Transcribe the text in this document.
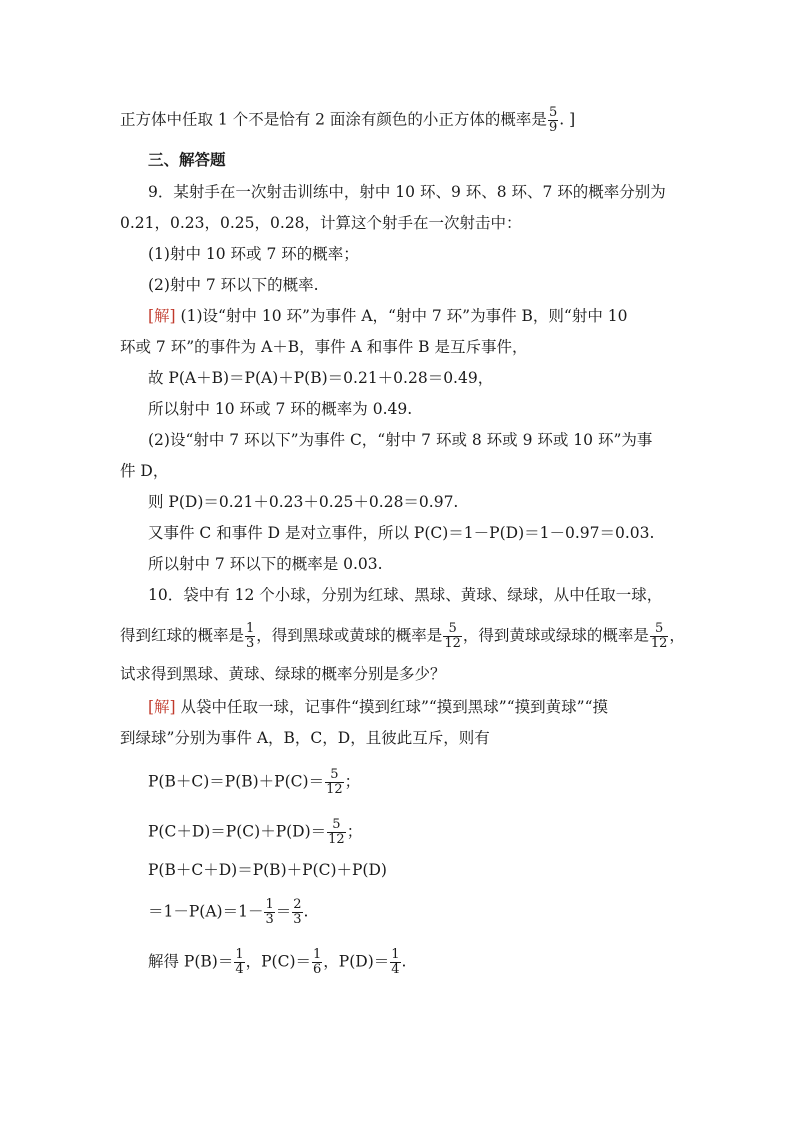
正方体中任取 1 个不是恰有 2 面涂有颜色的小正方体的概率是 $\frac{5}{9}$ . ]
三、解答题
9．某射手在一次射击训练中，射中 10 环、9 环、8 环、7 环的概率分别为
0.21，0.23，0.25，0.28，计算这个射手在一次射击中：
(1)射中 10 环或 7 环的概率；
(2)射中 7 环以下的概率.
[解] (1)设“射中 10 环”为事件 A，“射中 7 环”为事件 B，则“射中 10
环或 7 环”的事件为 A＋B，事件 A 和事件 B 是互斥事件，
故 P(A＋B)＝P(A)＋P(B)＝0.21＋0.28＝0.49，
所以射中 10 环或 7 环的概率为 0.49.
(2)设“射中 7 环以下”为事件 C，“射中 7 环或 8 环或 9 环或 10 环”为事
件 D，
则 P(D)＝0.21＋0.23＋0.25＋0.28＝0.97.
又事件 C 和事件 D 是对立事件，所以 P(C)＝1－P(D)＝1－0.97＝0.03.
所以射中 7 环以下的概率是 0.03.
10．袋中有 12 个小球，分别为红球、黑球、黄球、绿球，从中任取一球，
得到红球的概率是 $\frac{1}{3}$ ，得到黑球或黄球的概率是 $\frac{5}{12}$ ，得到黄球或绿球的概率是 $\frac{5}{12}$ ，
试求得到黑球、黄球、绿球的概率分别是多少？
[解] 从袋中任取一球，记事件“摸到红球”“摸到黑球”“摸到黄球”“摸
到绿球”分别为事件 A，B，C，D，且彼此互斥，则有
$P(B+C)=P(B)+P(C)= \frac{5}{12}$ ；
$P(C+D)=P(C)+P(D)= \frac{5}{12}$ ；
P(B＋C＋D)＝P(B)＋P(C)＋P(D)
$=1-P(A)=1- \frac{1}{3} = \frac{2}{3}$ .
解得 $P(B)= \frac{1}{4}$ ，$P(C)= \frac{1}{6}$ ，$P(D)= \frac{1}{4}$ .
